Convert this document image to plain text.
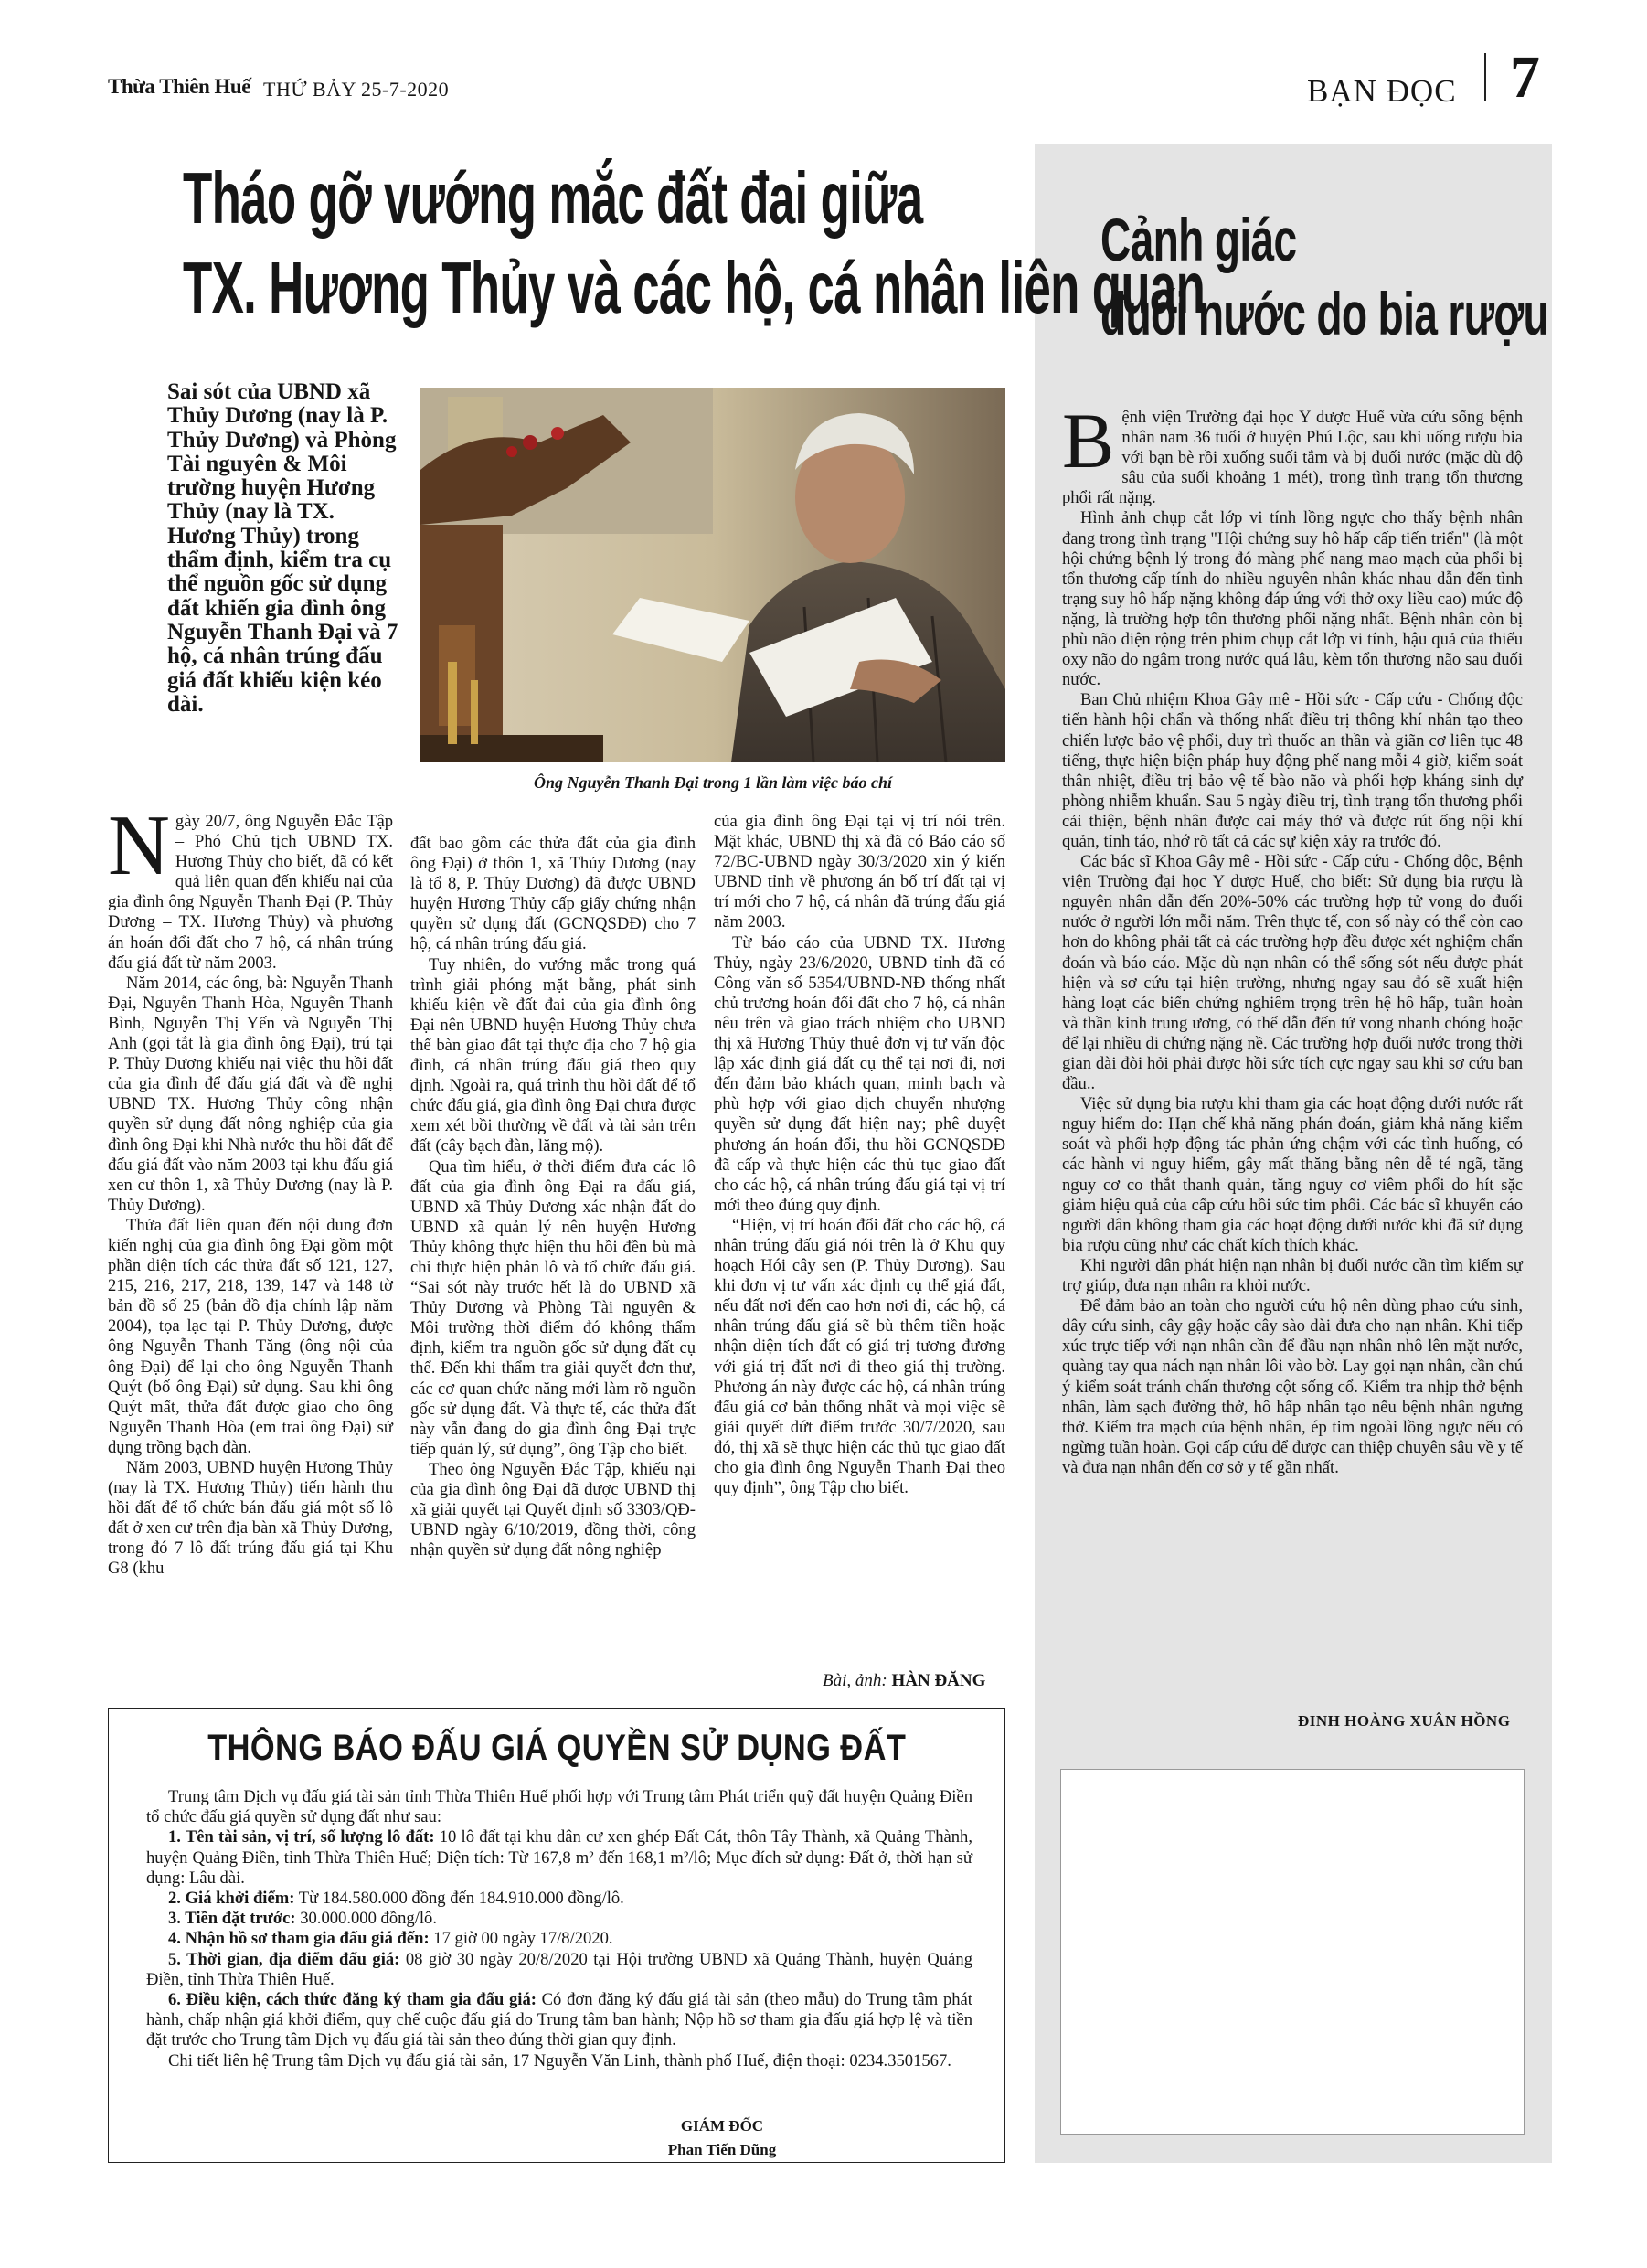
Thừa Thiên Huế THỨ BẢY 25-7-2020	BẠN ĐỌC 7
Tháo gỡ vướng mắc đất đai giữa
TX. Hương Thủy và các hộ, cá nhân liên quan
Sai sót của UBND xã Thủy Dương (nay là P. Thủy Dương) và Phòng Tài nguyên & Môi trường huyện Hương Thủy (nay là TX. Hương Thủy) trong thẩm định, kiểm tra cụ thể nguồn gốc sử dụng đất khiến gia đình ông Nguyễn Thanh Đại và 7 hộ, cá nhân trúng đấu giá đất khiếu kiện kéo dài.
Ông Nguyễn Thanh Đại trong 1 lần làm việc báo chí

Ngày 20/7, ông Nguyễn Đắc Tập – Phó Chủ tịch UBND TX. Hương Thủy cho biết, đã có kết quả liên quan đến khiếu nại của gia đình ông Nguyễn Thanh Đại (P. Thủy Dương – TX. Hương Thủy) và phương án hoán đổi đất cho 7 hộ, cá nhân trúng đấu giá đất từ năm 2003.

Năm 2014, các ông, bà: Nguyễn Thanh Đại, Nguyễn Thanh Hòa, Nguyễn Thanh Bình, Nguyễn Thị Yến và Nguyễn Thị Anh (gọi tắt là gia đình ông Đại), trú tại P. Thủy Dương khiếu nại việc thu hồi đất của gia đình để đấu giá đất và đề nghị UBND TX. Hương Thủy công nhận quyền sử dụng đất nông nghiệp của gia đình ông Đại khi Nhà nước thu hồi đất để đấu giá đất vào năm 2003 tại khu đấu giá xen cư thôn 1, xã Thủy Dương (nay là P. Thủy Dương).

Thửa đất liên quan đến nội dung đơn kiến nghị của gia đình ông Đại gồm một phần diện tích các thửa đất số 121, 127, 215, 216, 217, 218, 139, 147 và 148 tờ bản đồ số 25 (bản đồ địa chính lập năm 2004), tọa lạc tại P. Thủy Dương, được ông Nguyễn Thanh Tăng (ông nội của ông Đại) để lại cho ông Nguyễn Thanh Quýt (bố ông Đại) sử dụng. Sau khi ông Quýt mất, thửa đất được giao cho ông Nguyễn Thanh Hòa (em trai ông Đại) sử dụng trồng bạch đàn.

Năm 2003, UBND huyện Hương Thủy (nay là TX. Hương Thủy) tiến hành thu hồi đất để tổ chức bán đấu giá một số lô đất ở xen cư trên địa bàn xã Thủy Dương, trong đó 7 lô đất trúng đấu giá tại Khu G8 (khu

đất bao gồm các thửa đất của gia đình ông Đại) ở thôn 1, xã Thủy Dương (nay là tổ 8, P. Thủy Dương) đã được UBND huyện Hương Thủy cấp giấy chứng nhận quyền sử dụng đất (GCNQSDĐ) cho 7 hộ, cá nhân trúng đấu giá.

Tuy nhiên, do vướng mắc trong quá trình giải phóng mặt bằng, phát sinh khiếu kiện về đất đai của gia đình ông Đại nên UBND huyện Hương Thủy chưa thể bàn giao đất tại thực địa cho 7 hộ gia đình, cá nhân trúng đấu giá theo quy định. Ngoài ra, quá trình thu hồi đất để tổ chức đấu giá, gia đình ông Đại chưa được xem xét bồi thường về đất và tài sản trên đất (cây bạch đàn, lăng mộ).

Qua tìm hiểu, ở thời điểm đưa các lô đất của gia đình ông Đại ra đấu giá, UBND xã Thủy Dương xác nhận đất do UBND xã quản lý nên huyện Hương Thủy không thực hiện thu hồi đền bù mà chỉ thực hiện phân lô và tổ chức đấu giá. “Sai sót này trước hết là do UBND xã Thủy Dương và Phòng Tài nguyên & Môi trường thời điểm đó không thẩm định, kiểm tra nguồn gốc sử dụng đất cụ thể. Đến khi thẩm tra giải quyết đơn thư, các cơ quan chức năng mới làm rõ nguồn gốc sử dụng đất. Và thực tế, các thửa đất này vẫn đang do gia đình ông Đại trực tiếp quản lý, sử dụng”, ông Tập cho biết.

Theo ông Nguyễn Đắc Tập, khiếu nại của gia đình ông Đại đã được UBND thị xã giải quyết tại Quyết định số 3303/QĐ-UBND ngày 6/10/2019, đồng thời, công nhận quyền sử dụng đất nông nghiệp

của gia đình ông Đại tại vị trí nói trên. Mặt khác, UBND thị xã đã có Báo cáo số 72/BC-UBND ngày 30/3/2020 xin ý kiến UBND tỉnh về phương án bố trí đất tại vị trí mới cho 7 hộ, cá nhân đã trúng đấu giá năm 2003.

Từ báo cáo của UBND TX. Hương Thủy, ngày 23/6/2020, UBND tỉnh đã có Công văn số 5354/UBND-NĐ thống nhất chủ trương hoán đổi đất cho 7 hộ, cá nhân nêu trên và giao trách nhiệm cho UBND thị xã Hương Thủy thuê đơn vị tư vấn độc lập xác định giá đất cụ thể tại nơi đi, nơi đến đảm bảo khách quan, minh bạch và phù hợp với giao dịch chuyển nhượng quyền sử dụng đất hiện nay; phê duyệt phương án hoán đổi, thu hồi GCNQSDĐ đã cấp và thực hiện các thủ tục giao đất cho các hộ, cá nhân trúng đấu giá tại vị trí mới theo đúng quy định.

“Hiện, vị trí hoán đổi đất cho các hộ, cá nhân trúng đấu giá nói trên là ở Khu quy hoạch Hói cây sen (P. Thủy Dương). Sau khi đơn vị tư vấn xác định cụ thể giá đất, nếu đất nơi đến cao hơn nơi đi, các hộ, cá nhân trúng đấu giá sẽ bù thêm tiền hoặc nhận diện tích đất có giá trị tương đương với giá trị đất nơi đi theo giá thị trường. Phương án này được các hộ, cá nhân trúng đấu giá cơ bản thống nhất và mọi việc sẽ giải quyết dứt điểm trước 30/7/2020, sau đó, thị xã sẽ thực hiện các thủ tục giao đất cho gia đình ông Nguyễn Thanh Đại theo quy định”, ông Tập cho biết.

Bài, ảnh: HÀN ĐĂNG
Cảnh giác
đuối nước do bia rượu

Bệnh viện Trường đại học Y dược Huế vừa cứu sống bệnh nhân nam 36 tuổi ở huyện Phú Lộc, sau khi uống rượu bia với bạn bè rồi xuống suối tắm và bị đuối nước (mặc dù độ sâu của suối khoảng 1 mét), trong tình trạng tổn thương phổi rất nặng.

Hình ảnh chụp cắt lớp vi tính lồng ngực cho thấy bệnh nhân đang trong tình trạng "Hội chứng suy hô hấp cấp tiến triển" (là một hội chứng bệnh lý trong đó màng phế nang mao mạch của phổi bị tổn thương cấp tính do nhiều nguyên nhân khác nhau dẫn đến tình trạng suy hô hấp nặng không đáp ứng với thở oxy liều cao) mức độ nặng, là trường hợp tổn thương phổi nặng nhất. Bệnh nhân còn bị phù não diện rộng trên phim chụp cắt lớp vi tính, hậu quả của thiếu oxy não do ngâm trong nước quá lâu, kèm tổn thương não sau đuối nước.

Ban Chủ nhiệm Khoa Gây mê - Hồi sức - Cấp cứu - Chống độc tiến hành hội chẩn và thống nhất điều trị thông khí nhân tạo theo chiến lược bảo vệ phổi, duy trì thuốc an thần và giãn cơ liên tục 48 tiếng, thực hiện biện pháp huy động phế nang mỗi 4 giờ, kiểm soát thân nhiệt, điều trị bảo vệ tế bào não và phối hợp kháng sinh dự phòng nhiễm khuẩn. Sau 5 ngày điều trị, tình trạng tổn thương phổi cải thiện, bệnh nhân được cai máy thở và được rút ống nội khí quản, tỉnh táo, nhớ rõ tất cả các sự kiện xảy ra trước đó.

Các bác sĩ Khoa Gây mê - Hồi sức - Cấp cứu - Chống độc, Bệnh viện Trường đại học Y dược Huế, cho biết: Sử dụng bia rượu là nguyên nhân dẫn đến 20%-50% các trường hợp tử vong do đuối nước ở người lớn mỗi năm. Trên thực tế, con số này có thể còn cao hơn do không phải tất cả các trường hợp đều được xét nghiệm chẩn đoán và báo cáo. Mặc dù nạn nhân có thể sống sót nếu được phát hiện và sơ cứu tại hiện trường, nhưng ngay sau đó sẽ xuất hiện hàng loạt các biến chứng nghiêm trọng trên hệ hô hấp, tuần hoàn và thần kinh trung ương, có thể dẫn đến tử vong nhanh chóng hoặc để lại nhiều di chứng nặng nề. Các trường hợp đuối nước trong thời gian dài đòi hỏi phải được hồi sức tích cực ngay sau khi sơ cứu ban đầu..

Việc sử dụng bia rượu khi tham gia các hoạt động dưới nước rất nguy hiểm do: Hạn chế khả năng phán đoán, giảm khả năng kiểm soát và phối hợp động tác phản ứng chậm với các tình huống, có các hành vi nguy hiểm, gây mất thăng bằng nên dễ té ngã, tăng nguy cơ co thắt thanh quản, tăng nguy cơ viêm phổi do hít sặc giảm hiệu quả của cấp cứu hồi sức tim phổi. Các bác sĩ khuyến cáo người dân không tham gia các hoạt động dưới nước khi đã sử dụng bia rượu cũng như các chất kích thích khác.

Khi người dân phát hiện nạn nhân bị đuối nước cần tìm kiếm sự trợ giúp, đưa nạn nhân ra khỏi nước.

Để đảm bảo an toàn cho người cứu hộ nên dùng phao cứu sinh, dây cứu sinh, cây gậy hoặc cây sào dài đưa cho nạn nhân. Khi tiếp xúc trực tiếp với nạn nhân cần để đầu nạn nhân nhô lên mặt nước, quàng tay qua nách nạn nhân lôi vào bờ. Lay gọi nạn nhân, cần chú ý kiểm soát tránh chấn thương cột sống cổ. Kiểm tra nhịp thở bệnh nhân, làm sạch đường thở, hô hấp nhân tạo nếu bệnh nhân ngưng thở. Kiểm tra mạch của bệnh nhân, ép tim ngoài lồng ngực nếu có ngừng tuần hoàn. Gọi cấp cứu để được can thiệp chuyên sâu về y tế và đưa nạn nhân đến cơ sở y tế gần nhất.

ĐINH HOÀNG XUÂN HỒNG
THÔNG BÁO ĐẤU GIÁ QUYỀN SỬ DỤNG ĐẤT

Trung tâm Dịch vụ đấu giá tài sản tỉnh Thừa Thiên Huế phối hợp với Trung tâm Phát triển quỹ đất huyện Quảng Điền tổ chức đấu giá quyền sử dụng đất như sau:

1. Tên tài sản, vị trí, số lượng lô đất: 10 lô đất tại khu dân cư xen ghép Đất Cát, thôn Tây Thành, xã Quảng Thành, huyện Quảng Điền, tỉnh Thừa Thiên Huế; Diện tích: Từ 167,8 m² đến 168,1 m²/lô; Mục đích sử dụng: Đất ở, thời hạn sử dụng: Lâu dài.

2. Giá khởi điểm: Từ 184.580.000 đồng đến 184.910.000 đồng/lô.

3. Tiền đặt trước: 30.000.000 đồng/lô.

4. Nhận hồ sơ tham gia đấu giá đến: 17 giờ 00 ngày 17/8/2020.

5. Thời gian, địa điểm đấu giá: 08 giờ 30 ngày 20/8/2020 tại Hội trường UBND xã Quảng Thành, huyện Quảng Điền, tỉnh Thừa Thiên Huế.

6. Điều kiện, cách thức đăng ký tham gia đấu giá: Có đơn đăng ký đấu giá tài sản (theo mẫu) do Trung tâm phát hành, chấp nhận giá khởi điểm, quy chế cuộc đấu giá do Trung tâm ban hành; Nộp hồ sơ tham gia đấu giá hợp lệ và tiền đặt trước cho Trung tâm Dịch vụ đấu giá tài sản theo đúng thời gian quy định.

Chi tiết liên hệ Trung tâm Dịch vụ đấu giá tài sản, 17 Nguyễn Văn Linh, thành phố Huế, điện thoại: 0234.3501567.

GIÁM ĐỐC
Phan Tiến Dũng
